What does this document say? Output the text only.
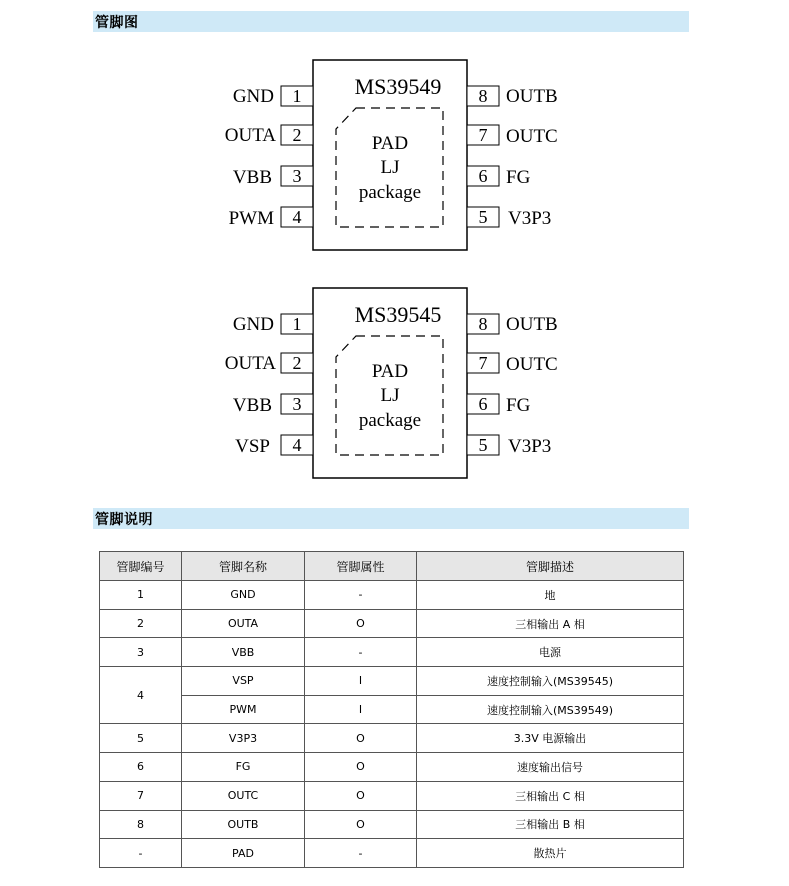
管脚图
MS39549
PAD
LJ
package
1
GND
2
OUTA
3
VBB
4
PWM
8 OUTB
7 OUTC
6 FG
5 V3P3
MS39545
PAD
LJ
package
1
GND
2
OUTA
3
VBB
4
VSP
8 OUTB
7 OUTC
6 FG
5 V3P3
管脚说明
管脚编号	管脚名称	管脚属性	管脚描述
1	GND	-	地
2	OUTA	O	三相输出 A 相
3	VBB	-	电源
4	VSP	I	速度控制输入(MS39545)
	PWM	I	速度控制输入(MS39549)
5	V3P3	O	3.3V 电源输出
6	FG	O	速度输出信号
7	OUTC	O	三相输出 C 相
8	OUTB	O	三相输出 B 相
-	PAD	-	散热片
